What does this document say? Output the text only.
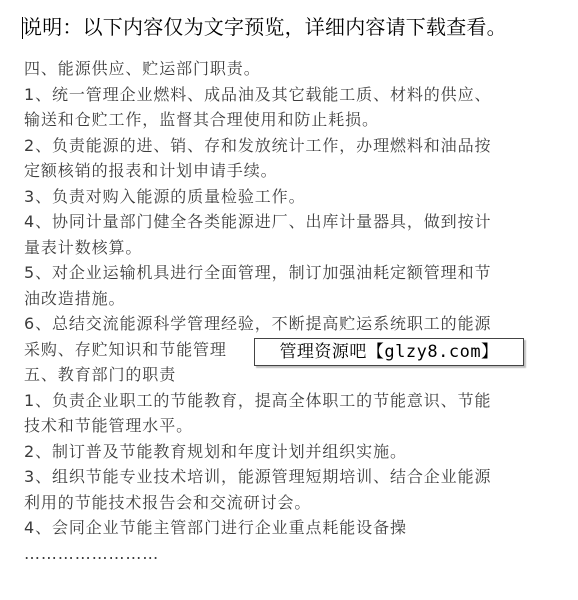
说明：以下内容仅为文字预览，详细内容请下载查看。
四、能源供应、贮运部门职责。
1、统一管理企业燃料、成品油及其它载能工质、材料的供应、
输送和仓贮工作，监督其合理使用和防止耗损。
2、负责能源的进、销、存和发放统计工作，办理燃料和油品按
定额核销的报表和计划申请手续。
3、负责对购入能源的质量检验工作。
4、协同计量部门健全各类能源进厂、出库计量器具，做到按计
量表计数核算。
5、对企业运输机具进行全面管理，制订加强油耗定额管理和节
油改造措施。
6、总结交流能源科学管理经验，不断提高贮运系统职工的能源
采购、存贮知识和节能管理
五、教育部门的职责
1、负责企业职工的节能教育，提高全体职工的节能意识、节能
技术和节能管理水平。
2、制订普及节能教育规划和年度计划并组织实施。
3、组织节能专业技术培训，能源管理短期培训、结合企业能源
利用的节能技术报告会和交流研讨会。
4、会同企业节能主管部门进行企业重点耗能设备操
……………………
管理资源吧【glzy8.com】
